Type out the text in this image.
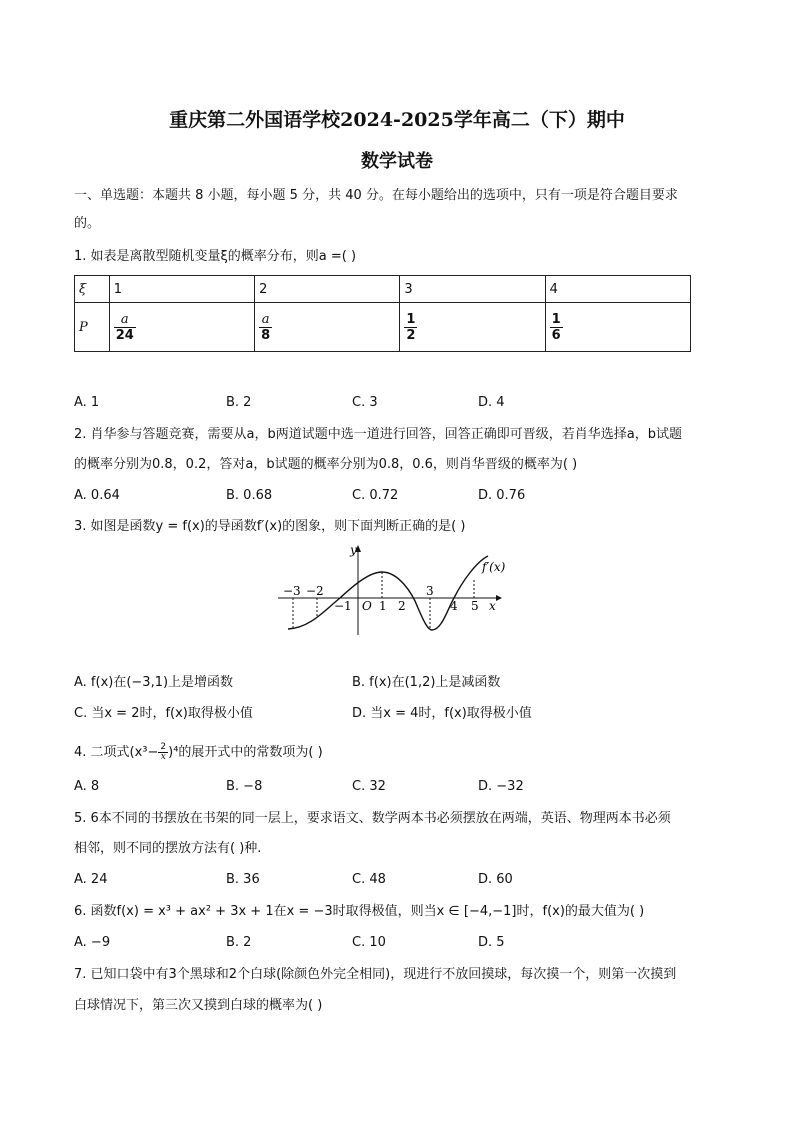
重庆第二外国语学校2024-2025学年高二（下）期中
数学试卷
一、单选题：本题共 8 小题，每小题 5 分，共 40 分。在每小题给出的选项中，只有一项是符合题目要求
的。
1. 如表是离散型随机变量ξ的概率分布，则a =( )
ξ	1	2	3	4
P	$\frac{a}{24}$	$\frac{a}{8}$	$\frac{1}{2}$	$\frac{1}{6}$
A. 1	B. 2	C. 3	D. 4
2. 肖华参与答题竞赛，需要从a，b两道试题中选一道进行回答，回答正确即可晋级，若肖华选择a，b试题
的概率分别为0.8，0.2，答对a，b试题的概率分别为0.8，0.6，则肖华晋级的概率为( )
A. 0.64	B. 0.68	C. 0.72	D. 0.76
3. 如图是函数y = f(x)的导函数f′(x)的图象，则下面判断正确的是( )
y
x
O
f′(x)
−3 −2
−1 1 2
3
4 5
A. f(x)在(−3,1)上是增函数	B. f(x)在(1,2)上是减函数
C. 当x = 2时，f(x)取得极小值	D. 当x = 4时，f(x)取得极小值
4. 二项式$(x^3- \frac{2}{x} )^4$的展开式中的常数项为( )
A. 8	B. −8	C. 32	D. −32
5. 6本不同的书摆放在书架的同一层上，要求语文、数学两本书必须摆放在两端，英语、物理两本书必须
相邻，则不同的摆放方法有( )种.
A. 24	B. 36	C. 48	D. 60
6. 函数f(x) = x³ + ax² + 3x + 1在x = −3时取得极值，则当x ∈ [−4,−1]时，f(x)的最大值为( )
A. −9	B. 2	C. 10	D. 5
7. 已知口袋中有3个黑球和2个白球(除颜色外完全相同)，现进行不放回摸球，每次摸一个，则第一次摸到
白球情况下，第三次又摸到白球的概率为( )
